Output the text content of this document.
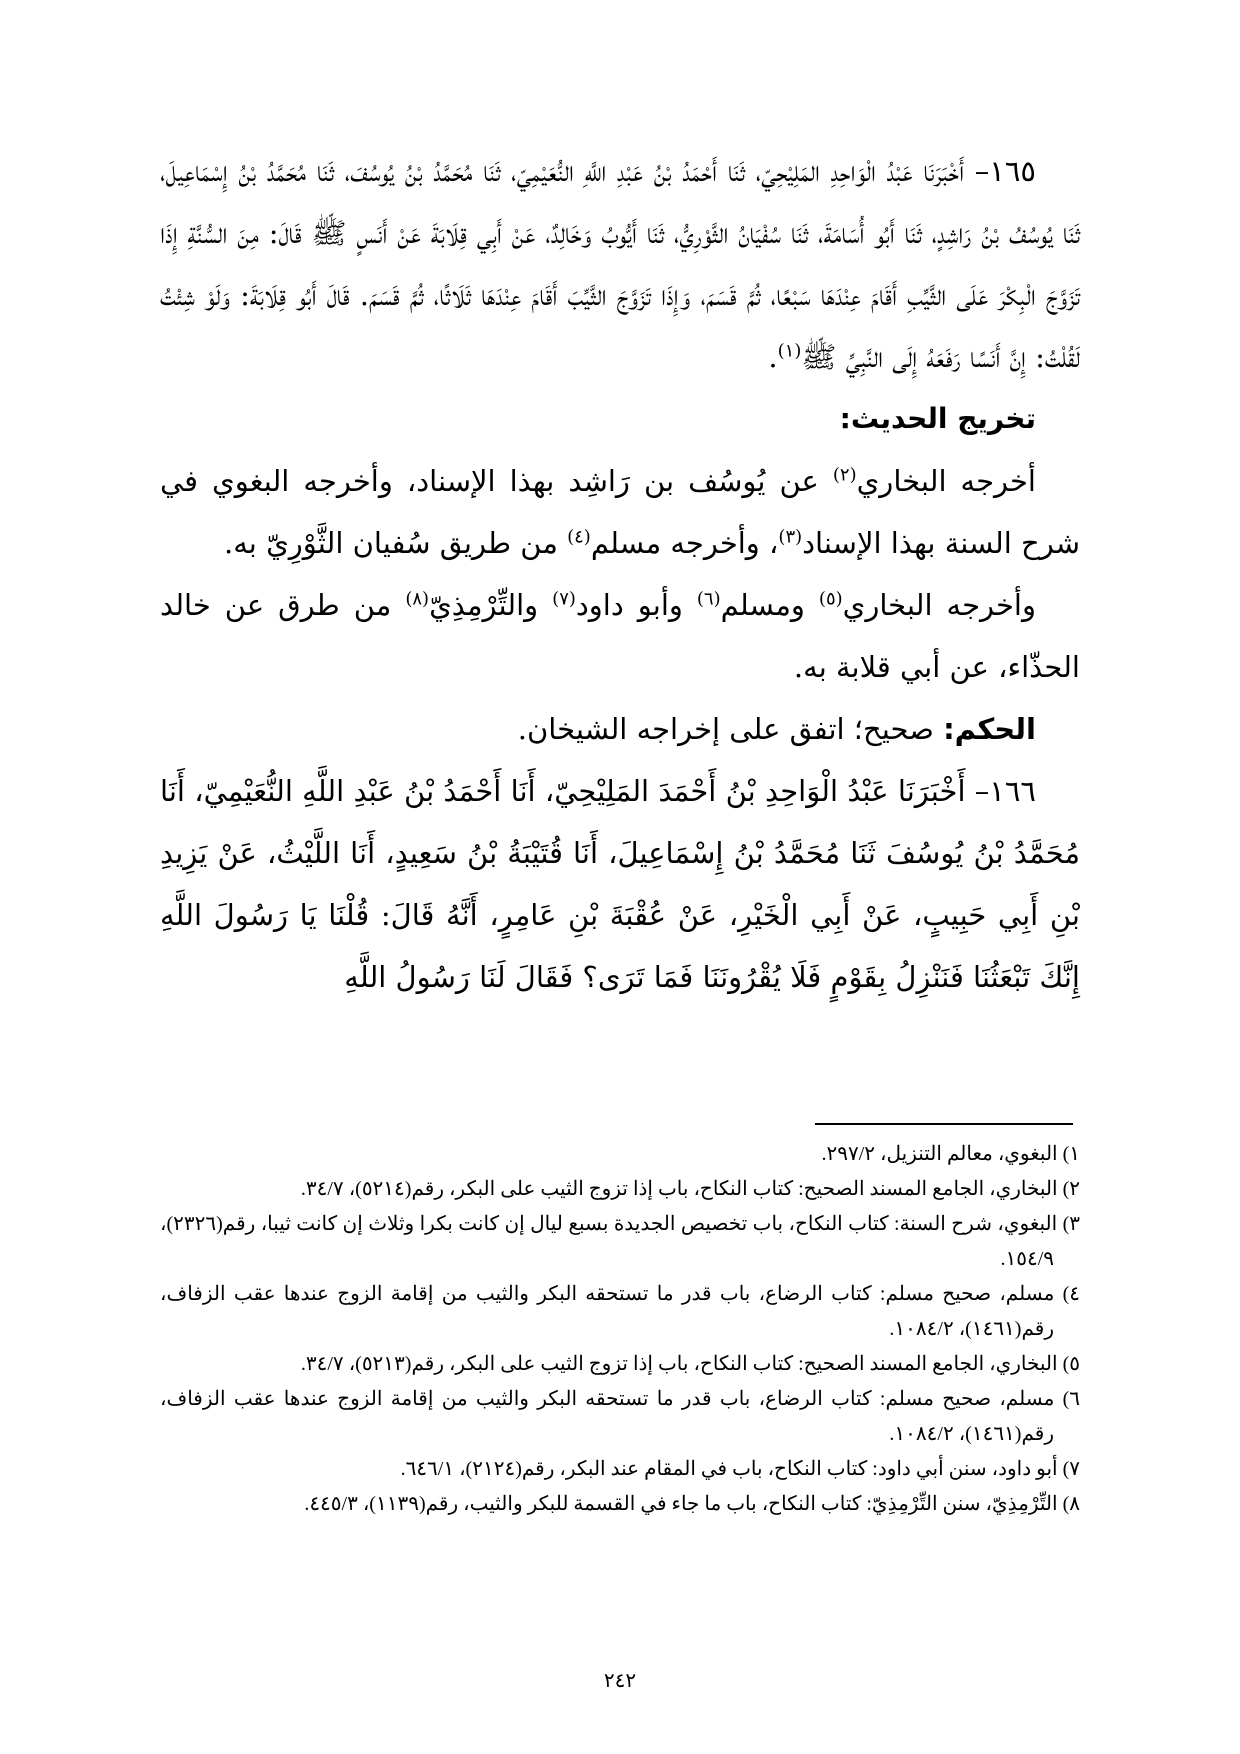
١٦٥– أَخْبَرَنَا عَبْدُ الْوَاحِدِ المَلِيْحِيّ، ثَنَا أَحْمَدُ بْنُ عَبْدِ اللَّهِ النُّعَيْمِيّ، ثَنَا مُحَمَّدُ بْنُ يُوسُفَ، ثَنَا مُحَمَّدُ بْنُ إِسْمَاعِيلَ، ثَنَا يُوسُفُ بْنُ رَاشِدٍ، ثَنَا أَبُو أُسَامَةَ، ثَنَا سُفْيَانُ الثَّوْرِيُّ، ثَنَا أَيُّوبُ وَخَالِدٌ، عَنْ أَبِي قِلَابَةَ عَنْ أَنَسٍ ﷺ قَالَ: مِنَ السُّنَّةِ إِذَا تَزَوَّجَ الْبِكْرَ عَلَى الثَّيِّبِ أَقَامَ عِنْدَهَا سَبْعًا، ثُمَّ قَسَمَ، وَإِذَا تَزَوَّجَ الثَّيِّبَ أَقَامَ عِنْدَهَا ثَلَاثًا، ثُمَّ قَسَمَ. قَالَ أَبُو قِلَابَةَ: وَلَوْ شِئْتُ لَقُلْتُ: إِنَّ أَنَسًا رَفَعَهُ إِلَى النَّبِيِّ ﷺ$^{(١)}$.

تخريج الحديث:

أخرجه البخاري$^{(٢)}$ عن يُوسُف بن رَاشِد بهذا الإسناد، وأخرجه البغوي في شرح السنة بهذا الإسناد$^{(٣)}$، وأخرجه مسلم$^{(٤)}$ من طريق سُفيان الثَّوْرِيّ به.

وأخرجه البخاري$^{(٥)}$ ومسلم$^{(٦)}$ وأبو داود$^{(٧)}$ والتِّرْمِذِيّ$^{(٨)}$ من طرق عن خالد الحذّاء، عن أبي قلابة به.

الحكم: صحيح؛ اتفق على إخراجه الشيخان.

١٦٦– أَخْبَرَنَا عَبْدُ الْوَاحِدِ بْنُ أَحْمَدَ المَلِيْحِيّ، أَنَا أَحْمَدُ بْنُ عَبْدِ اللَّهِ النُّعَيْمِيّ، أَنَا مُحَمَّدُ بْنُ يُوسُفَ ثَنَا مُحَمَّدُ بْنُ إِسْمَاعِيلَ، أَنَا قُتَيْبَةُ بْنُ سَعِيدٍ، أَنَا اللَّيْثُ، عَنْ يَزِيدِ بْنِ أَبِي حَبِيبٍ، عَنْ أَبِي الْخَيْرِ، عَنْ عُقْبَةَ بْنِ عَامِرٍ، أَنَّهُ قَالَ: قُلْنَا يَا رَسُولَ اللَّهِ إِنَّكَ تَبْعَثُنَا فَنَنْزِلُ بِقَوْمٍ فَلَا يُقْرُونَنَا فَمَا تَرَى؟ فَقَالَ لَنَا رَسُولُ اللَّهِ

١) البغوي، معالم التنزيل، ٢٩٧/٢.

٢) البخاري، الجامع المسند الصحيح: كتاب النكاح، باب إذا تزوج الثيب على البكر، رقم(٥٢١٤)، ٣٤/٧.

٣) البغوي، شرح السنة: كتاب النكاح، باب تخصيص الجديدة بسبع ليال إن كانت بكرا وثلاث إن كانت ثيبا، رقم(٢٣٢٦)، ١٥٤/٩.

٤) مسلم، صحيح مسلم: كتاب الرضاع، باب قدر ما تستحقه البكر والثيب من إقامة الزوج عندها عقب الزفاف، رقم(١٤٦١)، ١٠٨٤/٢.

٥) البخاري، الجامع المسند الصحيح: كتاب النكاح، باب إذا تزوج الثيب على البكر، رقم(٥٢١٣)، ٣٤/٧.

٦) مسلم، صحيح مسلم: كتاب الرضاع، باب قدر ما تستحقه البكر والثيب من إقامة الزوج عندها عقب الزفاف، رقم(١٤٦١)، ١٠٨٤/٢.

٧) أبو داود، سنن أبي داود: كتاب النكاح، باب في المقام عند البكر، رقم(٢١٢٤)، ٦٤٦/١.

٨) التِّرْمِذِيّ، سنن التِّرْمِذِيّ: كتاب النكاح، باب ما جاء في القسمة للبكر والثيب، رقم(١١٣٩)، ٤٤٥/٣.

٢٤٢
